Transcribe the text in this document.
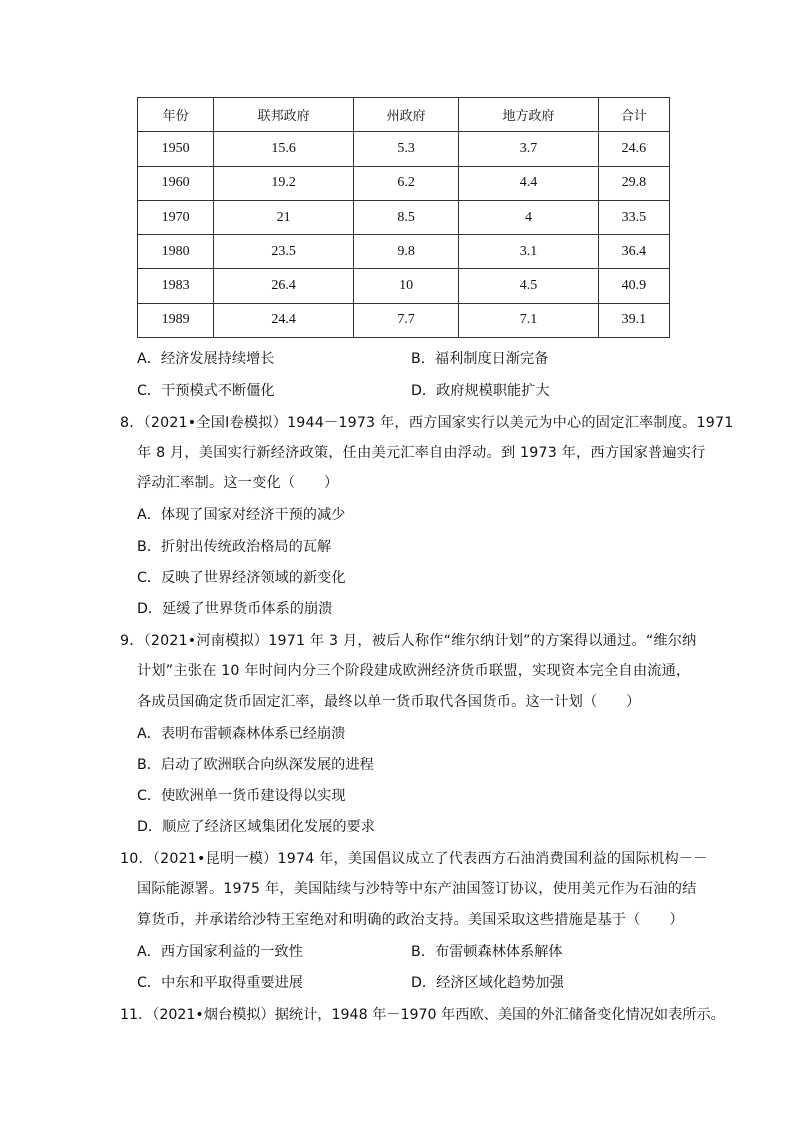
年份	联邦政府	州政府	地方政府	合计
1950	15.6	5.3	3.7	24.6
1960	19.2	6.2	4.4	29.8
1970	21	8.5	4	33.5
1980	23.5	9.8	3.1	36.4
1983	26.4	10	4.5	40.9
1989	24.4	7.7	7.1	39.1
A．经济发展持续增长	B．福利制度日渐完备
C．干预模式不断僵化	D．政府规模职能扩大
8．（2021•全国Ⅰ卷模拟）1944－1973 年，西方国家实行以美元为中心的固定汇率制度。1971
年 8 月，美国实行新经济政策，任由美元汇率自由浮动。到 1973 年，西方国家普遍实行
浮动汇率制。这一变化（　　）
A．体现了国家对经济干预的减少
B．折射出传统政治格局的瓦解
C．反映了世界经济领域的新变化
D．延缓了世界货币体系的崩溃
9．（2021•河南模拟）1971 年 3 月，被后人称作“维尔纳计划”的方案得以通过。“维尔纳
计划”主张在 10 年时间内分三个阶段建成欧洲经济货币联盟，实现资本完全自由流通，
各成员国确定货币固定汇率，最终以单一货币取代各国货币。这一计划（　　）
A．表明布雷顿森林体系已经崩溃
B．启动了欧洲联合向纵深发展的进程
C．使欧洲单一货币建设得以实现
D．顺应了经济区域集团化发展的要求
10．（2021•昆明一模）1974 年，美国倡议成立了代表西方石油消费国利益的国际机构－－
国际能源署。1975 年，美国陆续与沙特等中东产油国签订协议，使用美元作为石油的结
算货币，并承诺给沙特王室绝对和明确的政治支持。美国采取这些措施是基于（　　）
A．西方国家利益的一致性	B．布雷顿森林体系解体
C．中东和平取得重要进展	D．经济区域化趋势加强
11．（2021•烟台模拟）据统计，1948 年－1970 年西欧、美国的外汇储备变化情况如表所示。
